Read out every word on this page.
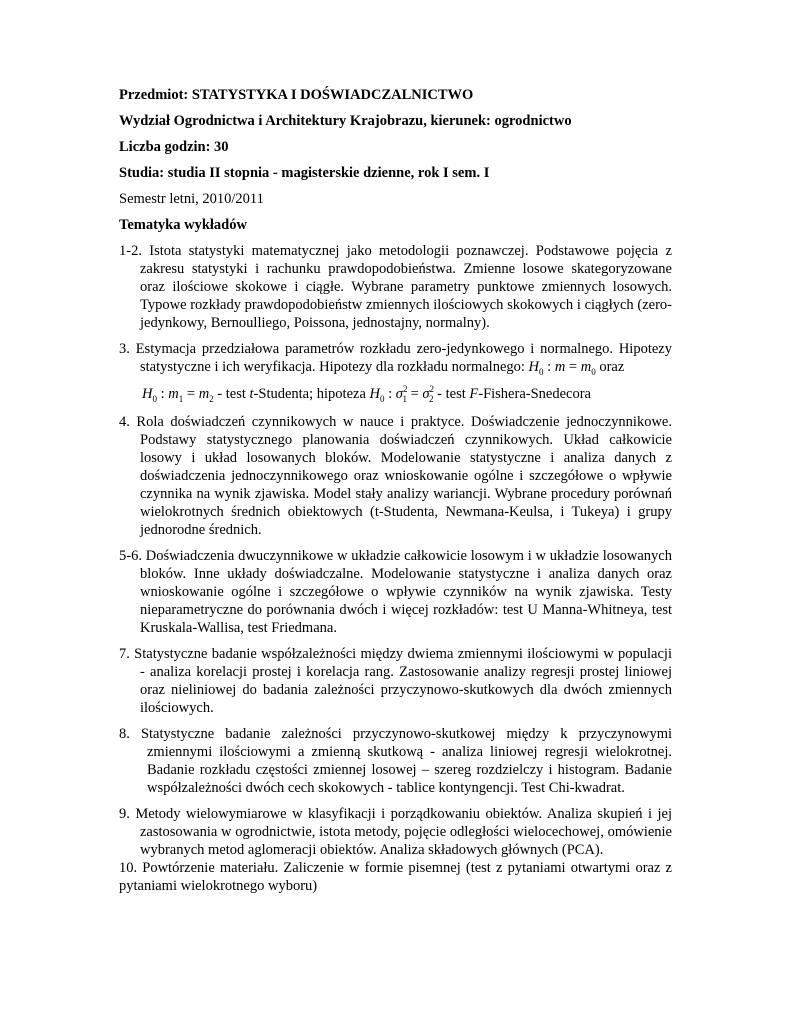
Przedmiot: STATYSTYKA I DOŚWIADCZALNICTWO

Wydział Ogrodnictwa i Architektury Krajobrazu, kierunek: ogrodnictwo

Liczba godzin: 30

Studia: studia II stopnia - magisterskie dzienne, rok I sem. I

Semestr letni, 2010/2011

Tematyka wykładów

1-2. Istota statystyki matematycznej jako metodologii poznawczej. Podstawowe pojęcia z zakresu statystyki i rachunku prawdopodobieństwa. Zmienne losowe skategoryzowane oraz ilościowe skokowe i ciągłe. Wybrane parametry punktowe zmiennych losowych. Typowe rozkłady prawdopodobieństw zmiennych ilościowych skokowych i ciągłych (zero-jedynkowy, Bernoulliego, Poissona, jednostajny, normalny).

3. Estymacja przedziałowa parametrów rozkładu zero-jedynkowego i normalnego. Hipotezy statystyczne i ich weryfikacja. Hipotezy dla rozkładu normalnego: $H_0$ : $m = m_0$ oraz
$H_0$ : $m_1 = m_2$ - test t-Studenta; hipoteza $H_0$ : $\sigma^2_1 = \sigma^2_2$ - test F-Fishera-Snedecora

4. Rola doświadczeń czynnikowych w nauce i praktyce. Doświadczenie jednoczynnikowe. Podstawy statystycznego planowania doświadczeń czynnikowych. Układ całkowicie losowy i układ losowanych bloków. Modelowanie statystyczne i analiza danych z doświadczenia jednoczynnikowego oraz wnioskowanie ogólne i szczegółowe o wpływie czynnika na wynik zjawiska. Model stały analizy wariancji. Wybrane procedury porównań wielokrotnych średnich obiektowych (t-Studenta, Newmana-Keulsa, i Tukeya) i grupy jednorodne średnich.

5-6. Doświadczenia dwuczynnikowe w układzie całkowicie losowym i w układzie losowanych bloków. Inne układy doświadczalne. Modelowanie statystyczne i analiza danych oraz wnioskowanie ogólne i szczegółowe o wpływie czynników na wynik zjawiska. Testy nieparametryczne do porównania dwóch i więcej rozkładów: test U Manna-Whitneya, test Kruskala-Wallisa, test Friedmana.

7. Statystyczne badanie współzależności między dwiema zmiennymi ilościowymi w populacji - analiza korelacji prostej i korelacja rang. Zastosowanie analizy regresji prostej liniowej oraz nieliniowej do badania zależności przyczynowo-skutkowych dla dwóch zmiennych ilościowych.

8. Statystyczne badanie zależności przyczynowo-skutkowej między k przyczynowymi zmiennymi ilościowymi a zmienną skutkową - analiza liniowej regresji wielokrotnej. Badanie rozkładu częstości zmiennej losowej – szereg rozdzielczy i histogram. Badanie współzależności dwóch cech skokowych - tablice kontyngencji. Test Chi-kwadrat.

9. Metody wielowymiarowe w klasyfikacji i porządkowaniu obiektów. Analiza skupień i jej zastosowania w ogrodnictwie, istota metody, pojęcie odległości wielocechowej, omówienie wybranych metod aglomeracji obiektów. Analiza składowych głównych (PCA).

10. Powtórzenie materiału. Zaliczenie w formie pisemnej (test z pytaniami otwartymi oraz z pytaniami wielokrotnego wyboru)
